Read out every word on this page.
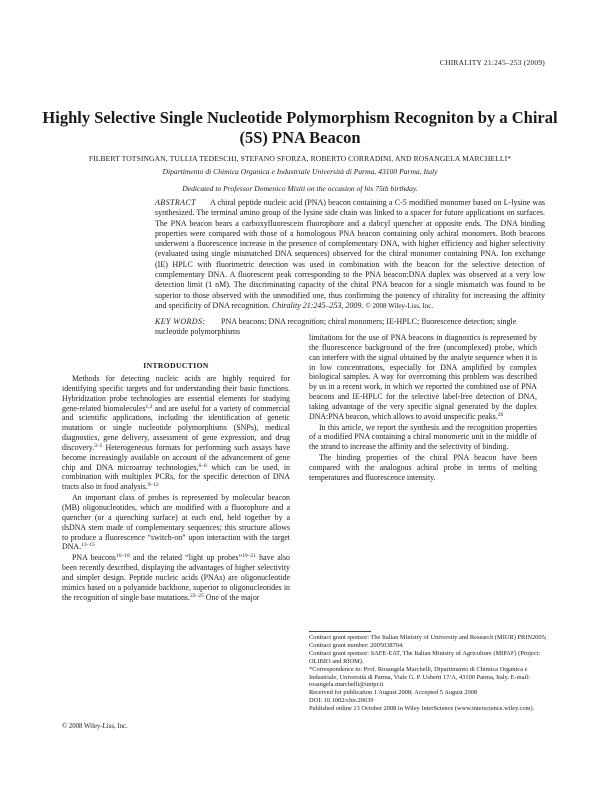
CHIRALITY 21:245–253 (2009)
Highly Selective Single Nucleotide Polymorphism Recogniton by a Chiral (5S) PNA Beacon
FILBERT TOTSINGAN, TULLIA TEDESCHI, STEFANO SFORZA, ROBERTO CORRADINI, AND ROSANGELA MARCHELLI*
Dipartimento di Chimica Organica e Industriale Università di Parma, 43100 Parma, Italy
Dedicated to Professor Domenico Misiti on the occasion of his 75th birthday.
ABSTRACT A chiral peptide nucleic acid (PNA) beacon containing a C-5 modified monomer based on L-lysine was synthesized. The terminal amino group of the lysine side chain was linked to a spacer for future applications on surfaces. The PNA beacon bears a carboxyfluorescein fluorophore and a dabcyl quencher at opposite ends. The DNA binding properties were compared with those of a homologous PNA beacon containing only achiral monomers. Both beacons underwent a fluorescence increase in the presence of complementary DNA, with higher efficiency and higher selectivity (evaluated using single mismatched DNA sequences) observed for the chiral monomer containing PNA. Ion exchange (IE) HPLC with fluorimetric detection was used in combination with the beacon for the selective detection of complementary DNA. A fluorescent peak corresponding to the PNA beacon:DNA duplex was observed at a very low detection limit (1 nM). The discriminating capacity of the chiral PNA beacon for a single mismatch was found to be superior to those observed with the unmodified one, thus confirming the potency of chirality for increasing the affinity and specificity of DNA recognition. Chirality 21:245–253, 2009. © 2008 Wiley-Liss, Inc.
KEY WORDS: PNA beacons; DNA recognition; chiral monomers; IE-HPLC; fluorescence detection; single nucleotide polymorphisms
INTRODUCTION

Methods for detecting nucleic acids are highly required for identifying specific targets and for understanding their basic functions. Hybridization probe technologies are essential elements for studying gene-related biomolecules$^{1,2}$ and are useful for a variety of commercial and scientific applications, including the identification of genetic mutations or single nucleotide polymorphisms (SNPs), medical diagnostics, gene delivery, assessment of gene expression, and drug discovery.$^{3-5}$ Heterogeneous formats for performing such assays have become increasingly available on account of the advancement of gene chip and DNA microarray technologies,$^{6-8}$ which can be used, in combination with multiplex PCRs, for the specific detection of DNA tracts also in food analysis.$^{9-12}$

An important class of probes is represented by molecular beacon (MB) oligonucleotides, which are modified with a fluorophore and a quencher (or a quenching surface) at each end, held together by a dsDNA stem made of complementary sequences; this structure allows to produce a fluorescence “switch-on” upon interaction with the target DNA.$^{13-15}$

PNA beacons$^{16-18}$ and the related “light up probes”$^{19-21}$ have also been recently described, displaying the advantages of higher selectivity and simpler design. Peptide nucleic acids (PNAs) are oligonucleotide mimics based on a polyamide backbone, superior to oligonucleotides in the recognition of single base mutations.$^{22-25}$ One of the major

© 2008 Wiley-Liss, Inc.

limitations for the use of PNA beacons in diagnostics is represented by the fluorescence background of the free (uncomplexed) probe, which can interfere with the signal obtained by the analyte sequence when it is in low concentrations, especially for DNA amplified by complex biological samples. A way for overcoming this problem was described by us in a recent work, in which we reported the combined use of PNA beacons and IE-HPLC for the selective label-free detection of DNA, taking advantage of the very specific signal generated by the duplex DNA:PNA beacon, which allows to avoid unspecific peaks.$^{26}$

In this article, we report the synthesis and the recognition properties of a modified PNA containing a chiral monomeric unit in the middle of the strand to increase the affinity and the selectivity of binding.

The binding properties of the chiral PNA beacon have been compared with the analogous achiral probe in terms of melting temperatures and fluorescence intensity.

Contract grant sponsor: The Italian Ministry of University and Research (MIUR) PRIN2005; Contract grant number: 2005038704.
Contract grant sponsor: SAFE-EAT, The Italian Ministry of Agriculture (MIPAF) (Project: OLIBIO and RIOM).
*Correspondence to: Prof. Rosangela Marchelli, Dipartimento di Chimica Organica e Industriale, Università di Parma, Viale G. P. Usberti 17/A, 43100 Parma, Italy. E-mail: rosangela.marchelli@unipr.it
Received for publication 1 August 2008; Accepted 5 August 2008
DOI: 10.1002/chir.20639
Published online 13 October 2008 in Wiley InterScience (www.interscience.wiley.com).
